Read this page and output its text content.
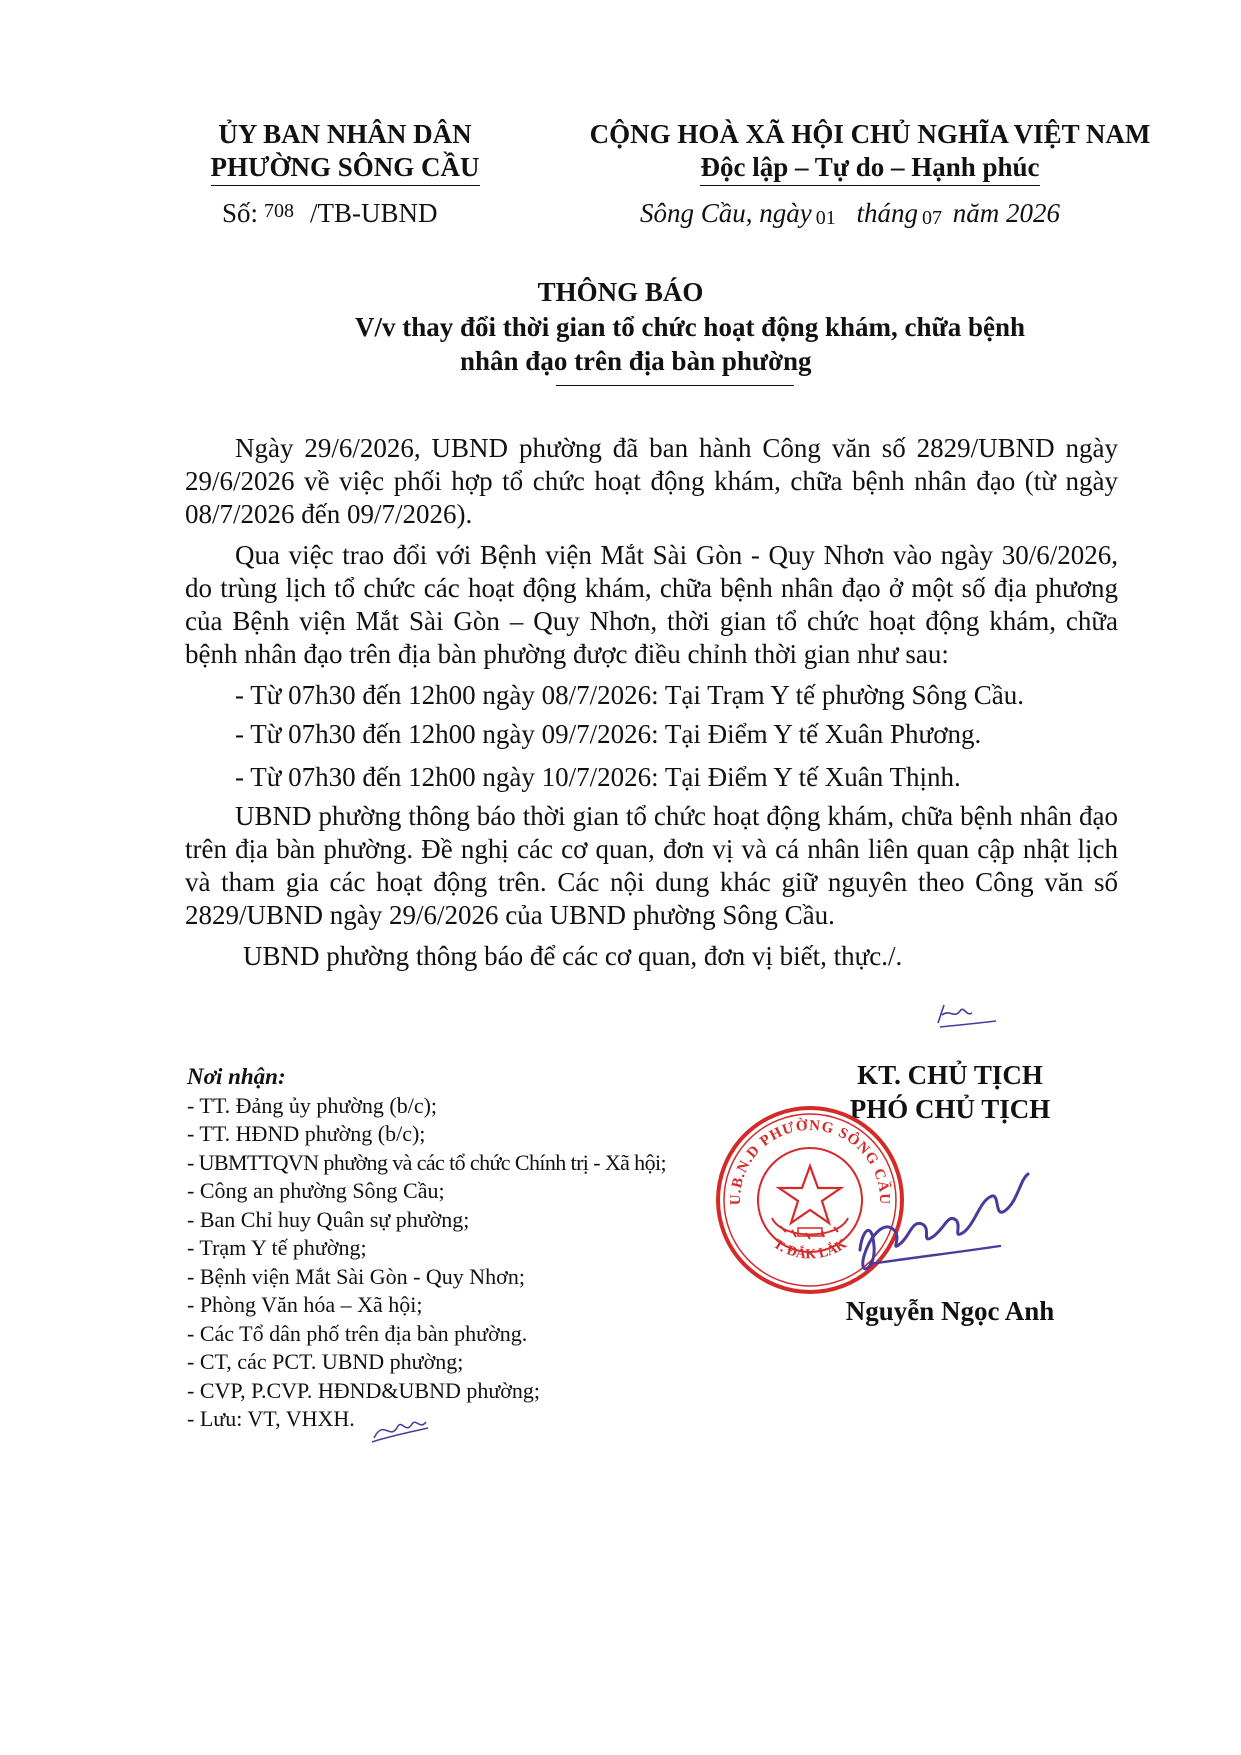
ỦY BAN NHÂN DÂN
PHƯỜNG SÔNG CẦU
CỘNG HOÀ XÃ HỘI CHỦ NGHĨA VIỆT NAM
Độc lập – Tự do – Hạnh phúc
Số: 708 /TB-UBND	Sông Cầu, ngày 01 tháng 07 năm 2026
THÔNG BÁO
V/v thay đổi thời gian tổ chức hoạt động khám, chữa bệnh
nhân đạo trên địa bàn phường

Ngày 29/6/2026, UBND phường đã ban hành Công văn số 2829/UBND ngày 29/6/2026 về việc phối hợp tổ chức hoạt động khám, chữa bệnh nhân đạo (từ ngày 08/7/2026 đến 09/7/2026).

Qua việc trao đổi với Bệnh viện Mắt Sài Gòn - Quy Nhơn vào ngày 30/6/2026, do trùng lịch tổ chức các hoạt động khám, chữa bệnh nhân đạo ở một số địa phương của Bệnh viện Mắt Sài Gòn – Quy Nhơn, thời gian tổ chức hoạt động khám, chữa bệnh nhân đạo trên địa bàn phường được điều chỉnh thời gian như sau:

- Từ 07h30 đến 12h00 ngày 08/7/2026: Tại Trạm Y tế phường Sông Cầu.
- Từ 07h30 đến 12h00 ngày 09/7/2026: Tại Điểm Y tế Xuân Phương.
- Từ 07h30 đến 12h00 ngày 10/7/2026: Tại Điểm Y tế Xuân Thịnh.

UBND phường thông báo thời gian tổ chức hoạt động khám, chữa bệnh nhân đạo trên địa bàn phường. Đề nghị các cơ quan, đơn vị và cá nhân liên quan cập nhật lịch và tham gia các hoạt động trên. Các nội dung khác giữ nguyên theo Công văn số 2829/UBND ngày 29/6/2026 của UBND phường Sông Cầu.

UBND phường thông báo để các cơ quan, đơn vị biết, thực./.

Nơi nhận:
- TT. Đảng ủy phường (b/c);
- TT. HĐND phường (b/c);
- UBMTTQVN phường và các tổ chức Chính trị - Xã hội;
- Công an phường Sông Cầu;
- Ban Chỉ huy Quân sự phường;
- Trạm Y tế phường;
- Bệnh viện Mắt Sài Gòn - Quy Nhơn;
- Phòng Văn hóa – Xã hội;
- Các Tổ dân phố trên địa bàn phường.
- CT, các PCT. UBND phường;
- CVP, P.CVP. HĐND&UBND phường;
- Lưu: VT, VHXH.
KT. CHỦ TỊCH
PHÓ CHỦ TỊCH
U.B.N.D PHƯỜNG SÔNG CẦU
T. ĐẮK LẮK
Nguyễn Ngọc Anh
